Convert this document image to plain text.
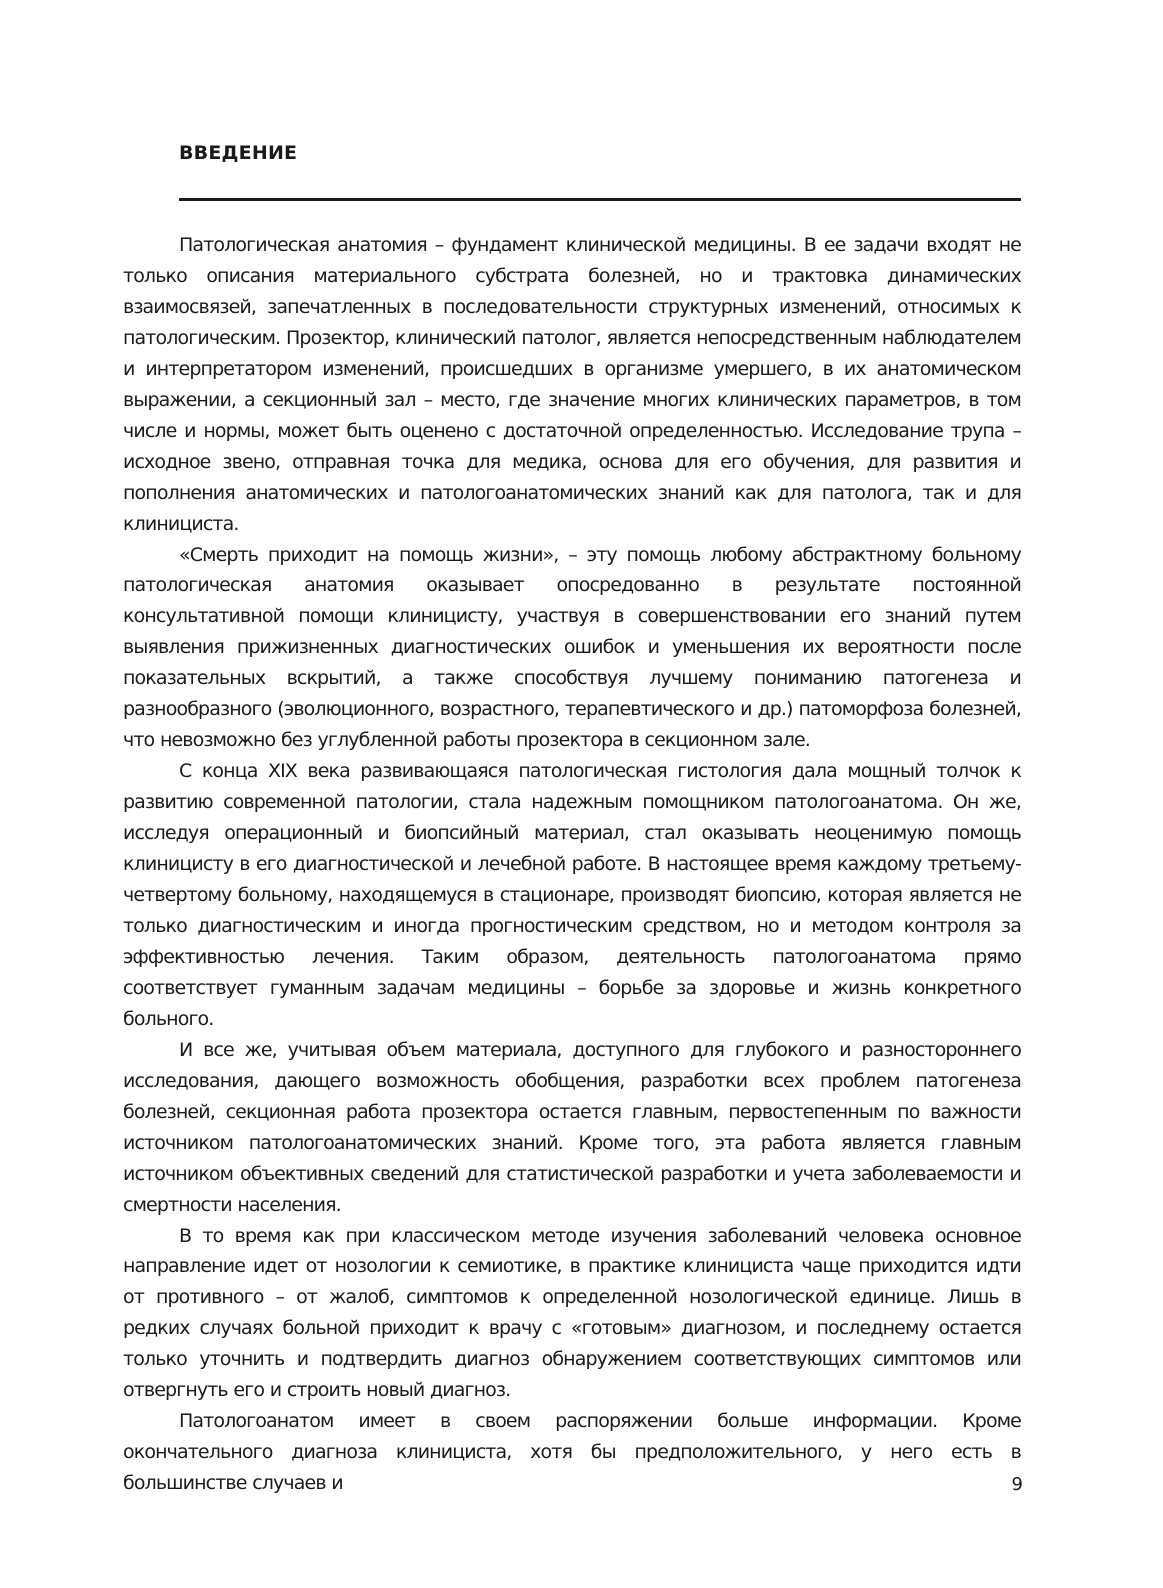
ВВЕДЕНИЕ

Патологическая анатомия – фундамент клинической медицины. В ее задачи входят не только описания материального субстрата болезней, но и трактовка динамических взаимосвязей, запечатленных в последовательности структурных изменений, относимых к патологическим. Прозектор, клинический патолог, является непосредственным наблюдателем и интерпретатором изменений, происшедших в организме умершего, в их анатомическом выражении, а секционный зал – место, где значение многих клинических параметров, в том числе и нормы, может быть оценено с достаточной определенностью. Исследование трупа – исходное звено, отправная точка для медика, основа для его обучения, для развития и пополнения анатомических и патологоанатомических знаний как для патолога, так и для клинициста.

«Смерть приходит на помощь жизни», – эту помощь любому абстрактному больному патологическая анатомия оказывает опосредованно в результате постоянной консультативной помощи клиницисту, участвуя в совершенствовании его знаний путем выявления прижизненных диагностических ошибок и уменьшения их вероятности после показательных вскрытий, а также способствуя лучшему пониманию патогенеза и разнообразного (эволюционного, возрастного, терапевтического и др.) патоморфоза болезней, что невозможно без углубленной работы прозектора в секционном зале.

С конца XIX века развивающаяся патологическая гистология дала мощный толчок к развитию современной патологии, стала надежным помощником патологоанатома. Он же, исследуя операционный и биопсийный материал, стал оказывать неоценимую помощь клиницисту в его диагностической и лечебной работе. В настоящее время каждому третьему-четвертому больному, находящемуся в стационаре, производят биопсию, которая является не только диагностическим и иногда прогностическим средством, но и методом контроля за эффективностью лечения. Таким образом, деятельность патологоанатома прямо соответствует гуманным задачам медицины – борьбе за здоровье и жизнь конкретного больного.

И все же, учитывая объем материала, доступного для глубокого и разностороннего исследования, дающего возможность обобщения, разработки всех проблем патогенеза болезней, секционная работа прозектора остается главным, первостепенным по важности источником патологоанатомических знаний. Кроме того, эта работа является главным источником объективных сведений для статистической разработки и учета заболеваемости и смертности населения.

В то время как при классическом методе изучения заболеваний человека основное направление идет от нозологии к семиотике, в практике клинициста чаще приходится идти от противного – от жалоб, симптомов к определенной нозологической единице. Лишь в редких случаях больной приходит к врачу с «готовым» диагнозом, и последнему остается только уточнить и подтвердить диагноз обнаружением соответствующих симптомов или отвергнуть его и строить новый диагноз.

Патологоанатом имеет в своем распоряжении больше информации. Кроме окончательного диагноза клинициста, хотя бы предположительного, у него есть в большинстве случаев и	9
